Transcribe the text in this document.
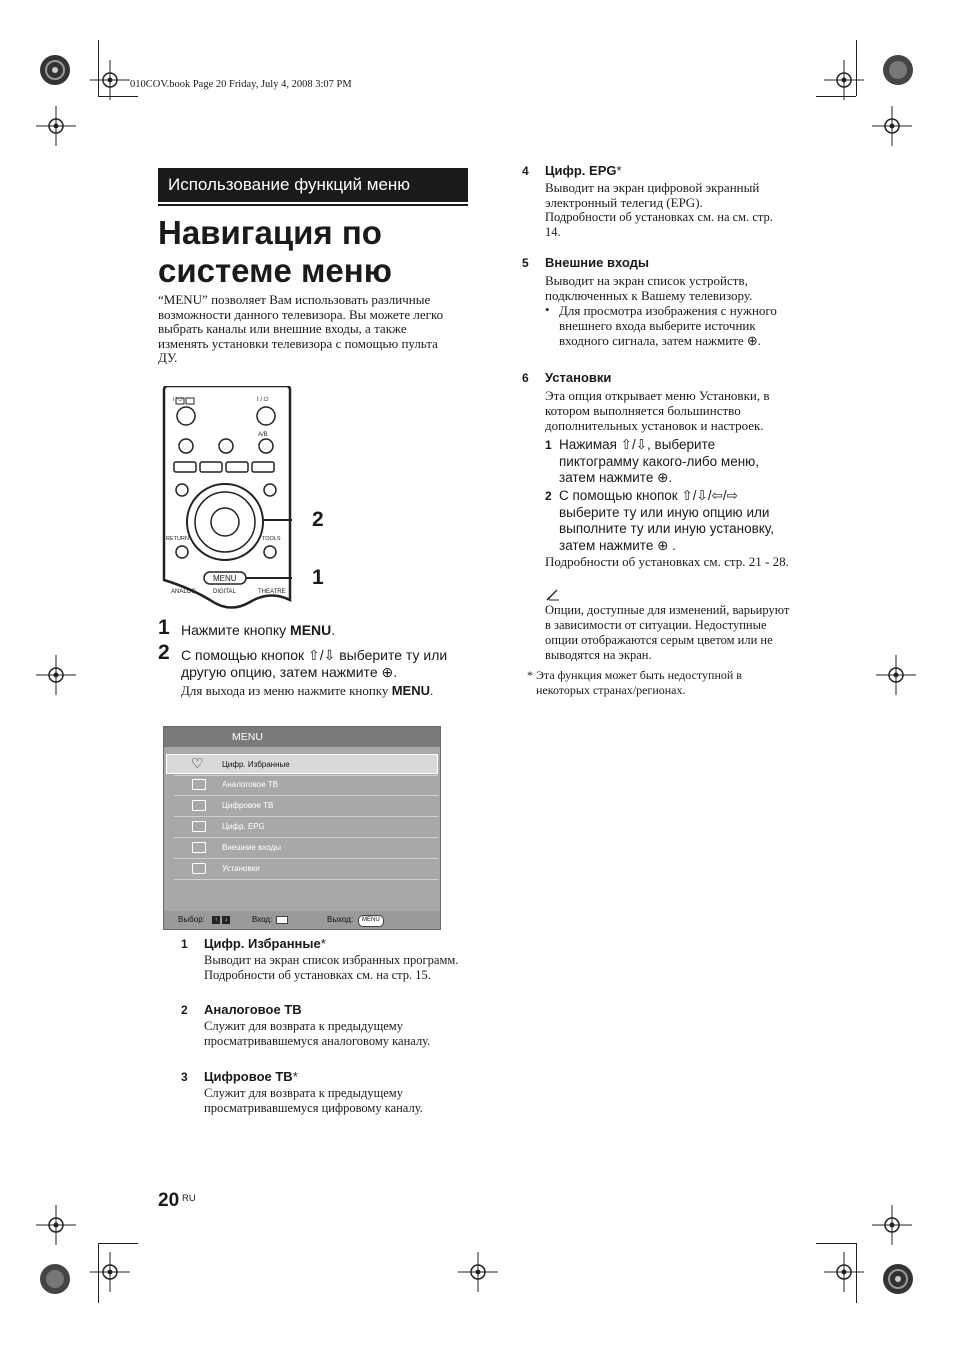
010COV.book Page 20 Friday, July 4, 2008 3:07 PM
Использование функций меню
Навигация по системе меню
“MENU” позволяет Вам использовать различные возможности данного телевизора. Вы можете легко выбрать каналы или внешние входы, а также изменять установки телевизора с помощью пульта ДУ.
I / ⏻	I / ⏻
A/B
RETURN	TOOLS
MENU
ANALOG	DIGITAL	THEATRE
2
1
1 Нажмите кнопку MENU.
2 С помощью кнопок ⇧/⇩ выберите ту или другую опцию, затем нажмите ⊕.
Для выхода из меню нажмите кнопку MENU.
MENU
♡ Цифр. Избранные
Аналоговое ТВ
Цифровое ТВ
Цифр. EPG
Внешние входы
Установки
Выбор:	↑	↓	Вход:	Выход:	MENU
1 Цифр. Избранные*
Выводит на экран список избранных программ. Подробности об установках см. на стр. 15.
2 Аналоговое ТВ
Служит для возврата к предыдущему просматривавшемуся аналоговому каналу.
3 Цифровое ТВ*
Служит для возврата к предыдущему просматривавшемуся цифровому каналу.
4 Цифр. EPG*
Выводит на экран цифровой экранный электронный телегид (EPG).
Подробности об установках см. на см. стр. 14.
5 Внешние входы
Выводит на экран список устройств, подключенных к Вашему телевизору.
• Для просмотра изображения с нужного внешнего входа выберите источник входного сигнала, затем нажмите ⊕.
6 Установки
Эта опция открывает меню Установки, в котором выполняется большинство дополнительных установок и настроек.
1 Нажимая ⇧/⇩, выберите пиктограмму какого-либо меню, затем нажмите ⊕.
2 С помощью кнопок ⇧/⇩/⇦/⇨ выберите ту или иную опцию или выполните ту или иную установку, затем нажмите ⊕ .
Подробности об установках см. стр. 21 - 28.
Опции, доступные для изменений, варьируют в зависимости от ситуации. Недоступные опции отображаются серым цветом или не выводятся на экран.
* Эта функция может быть недоступной в некоторых странах/регионах.
20 RU
